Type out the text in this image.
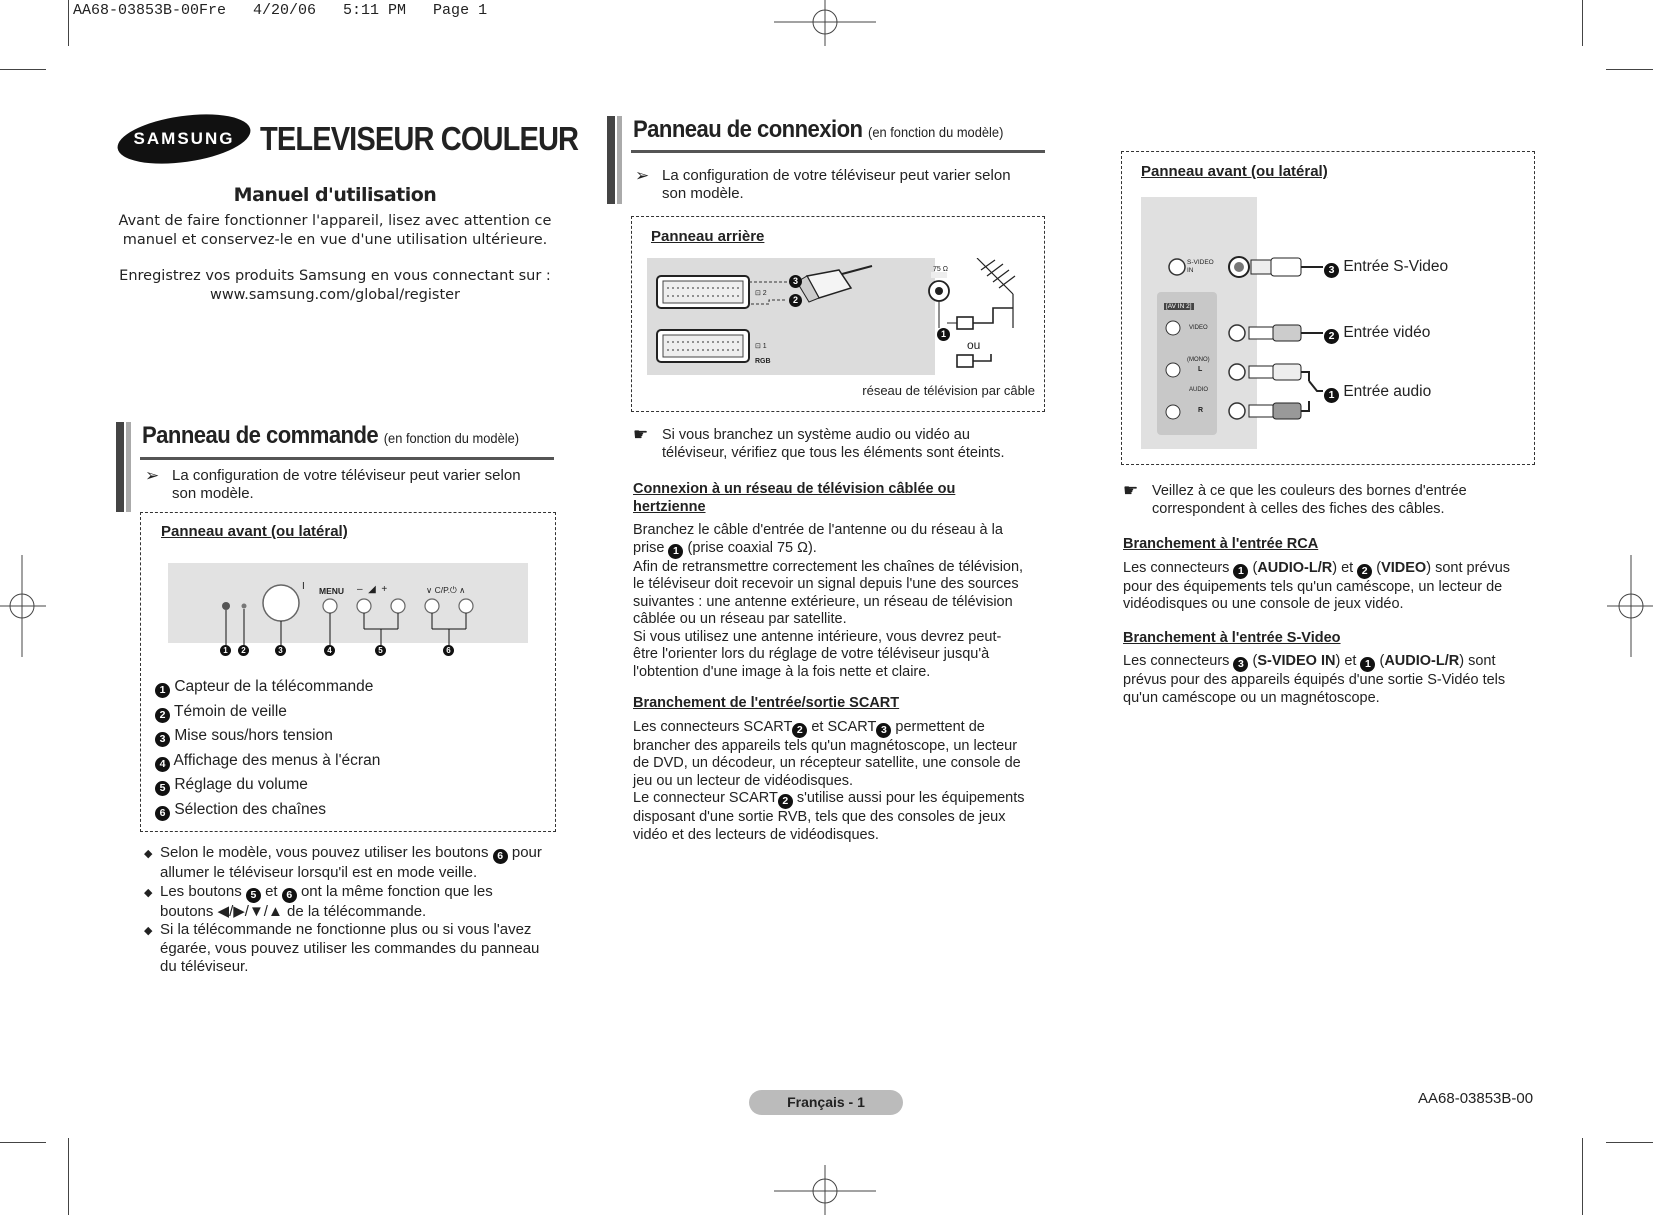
AA68-03853B-00Fre   4/20/06   5:11 PM   Page 1
SAMSUNG TELEVISEUR COULEUR
Manuel d'utilisation
Avant de faire fonctionner l'appareil, lisez avec attention ce
manuel et conservez-le en vue d'une utilisation ultérieure.
Enregistrez vos produits Samsung en vous connectant sur :
www.samsung.com/global/register
Panneau de commande (en fonction du modèle)
➢ La configuration de votre téléviseur peut varier selon
son modèle.
Panneau avant (ou latéral)
I MENU –  ◢  +	∨ C/P.⏻ ∧
1	2	3	4	5	6
1 Capteur de la télécommande
2 Témoin de veille
3 Mise sous/hors tension
4 Affichage des menus à l'écran
5 Réglage du volume
6 Sélection des chaînes
◆ Selon le modèle, vous pouvez utiliser les boutons 6 pour
allumer le téléviseur lorsqu'il est en mode veille.
◆ Les boutons 5 et 6 ont la même fonction que les
boutons ◀/▶/▼/▲ de la télécommande.
◆ Si la télécommande ne fonctionne plus ou si vous l'avez
égarée, vous pouvez utiliser les commandes du panneau
du téléviseur.
Panneau de connexion (en fonction du modèle)
➢ La configuration de votre téléviseur peut varier selon
son modèle.
Panneau arrière
3
2
1
75 Ω
ou
RGB
⊡ 2
⊡ 1
réseau de télévision par câble
☛ Si vous branchez un système audio ou vidéo au
téléviseur, vérifiez que tous les éléments sont éteints.
Connexion à un réseau de télévision câblée ou
hertzienne
Branchez le câble d'entrée de l'antenne ou du réseau à la
prise 1 (prise coaxial 75 Ω).
Afin de retransmettre correctement les chaînes de télévision,
le téléviseur doit recevoir un signal depuis l'une des sources
suivantes : une antenne extérieure, un réseau de télévision
câblée ou un réseau par satellite.
Si vous utilisez une antenne intérieure, vous devrez peut-
être l'orienter lors du réglage de votre téléviseur jusqu'à
l'obtention d'une image à la fois nette et claire.
Branchement de l'entrée/sortie SCART
Les connecteurs SCART 2 et SCART 3 permettent de
brancher des appareils tels qu'un magnétoscope, un lecteur
de DVD, un décodeur, un récepteur satellite, une console de
jeu ou un lecteur de vidéodisques.
Le connecteur SCART 2 s'utilise aussi pour les équipements
disposant d'une sortie RVB, tels que des consoles de jeux
vidéo et des lecteurs de vidéodisques.
Panneau avant (ou latéral)
S-VIDEO IN
[AV IN 2]
VIDEO
(MONO)
L
AUDIO
R
3 Entrée S-Video
2 Entrée vidéo
1 Entrée audio
☛ Veillez à ce que les couleurs des bornes d'entrée
correspondent à celles des fiches des câbles.
Branchement à l'entrée RCA
Les connecteurs 1 (AUDIO-L/R) et 2 (VIDEO) sont prévus
pour des équipements tels qu'un caméscope, un lecteur de
vidéodisques ou une console de jeux vidéo.
Branchement à l'entrée S-Video
Les connecteurs 3 (S-VIDEO IN) et 1 (AUDIO-L/R) sont
prévus pour des appareils équipés d'une sortie S-Vidéo tels
qu'un caméscope ou un magnétoscope.
Français - 1	AA68-03853B-00
